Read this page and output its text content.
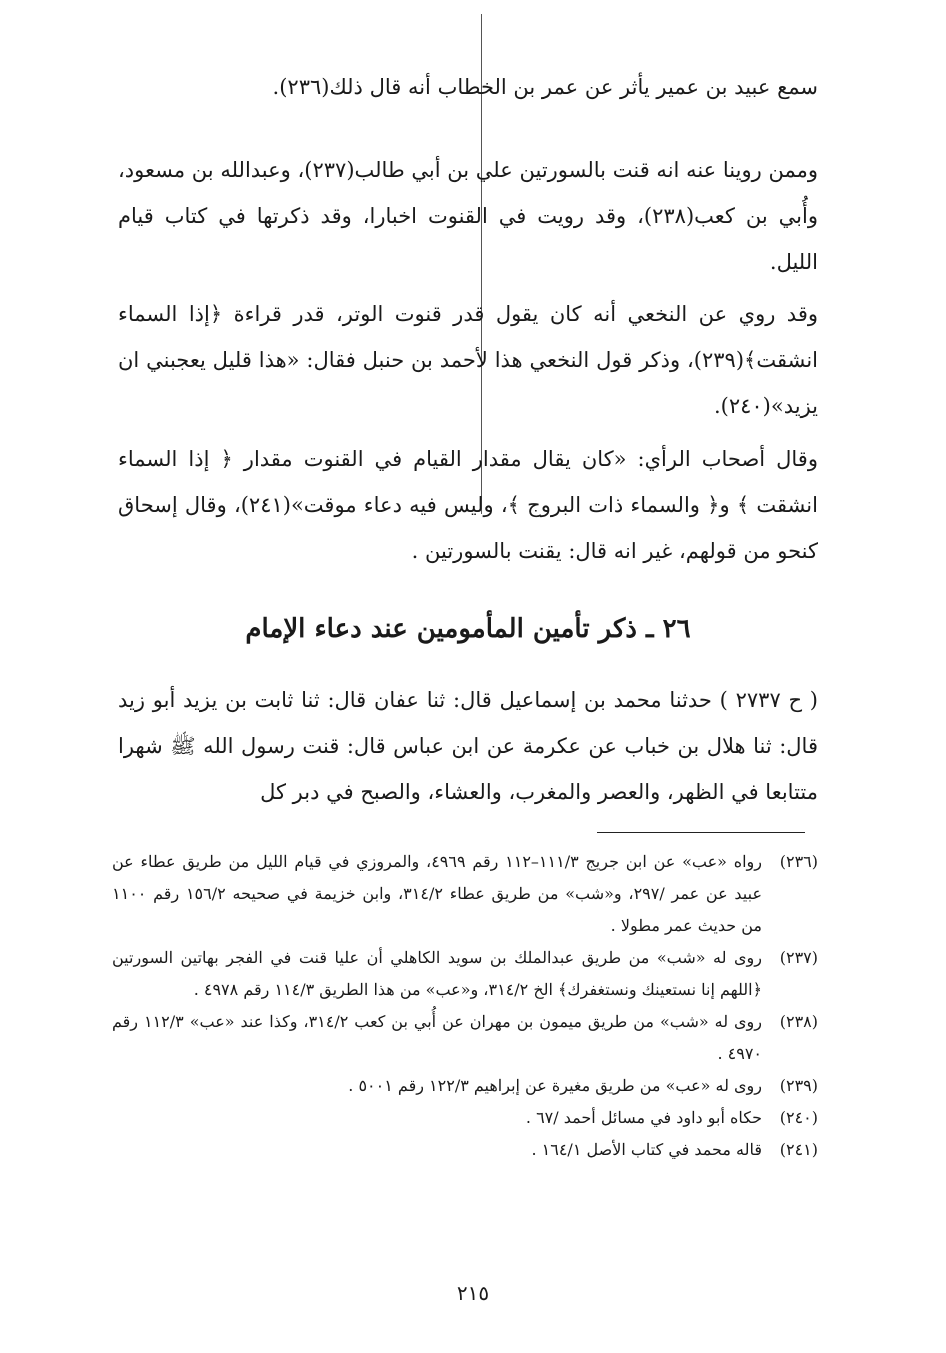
سمع عبيد بن عمير يأثر عن عمر بن الخطاب أنه قال ذلك(٢٣٦).

وممن روينا عنه انه قنت بالسورتين علي بن أبي طالب(٢٣٧)، وعبدالله بن مسعود، وأُبي بن كعب(٢٣٨)، وقد رويت في القنوت اخبارا، وقد ذكرتها في كتاب قيام الليل.

وقد روي عن النخعي أنه كان يقول قدر قنوت الوتر، قدر قراءة ﴿إذا السماء انشقت﴾(٢٣٩)، وذكر قول النخعي هذا لأحمد بن حنبل فقال: «هذا قليل يعجبني ان يزيد»(٢٤٠).

وقال أصحاب الرأي: «كان يقال مقدار القيام في القنوت مقدار ﴿ إذا السماء انشقت ﴾ و﴿ والسماء ذات البروج ﴾، وليس فيه دعاء موقت»(٢٤١)، وقال إسحاق كنحو من قولهم، غير انه قال: يقنت بالسورتين .

٢٦ ـ ذكر تأمين المأمومين عند دعاء الإمام

( ح ٢٧٣٧ ) حدثنا محمد بن إسماعيل قال: ثنا عفان قال: ثنا ثابت بن يزيد أبو زيد قال: ثنا هلال بن خباب عن عكرمة عن ابن عباس قال: قنت رسول الله ﷺ شهرا متتابعا في الظهر، والعصر والمغرب، والعشاء، والصبح في دبر كل

(٢٣٦)
رواه «عب» عن ابن جريج ١١١/٣–١١٢ رقم ٤٩٦٩، والمروزي في قيام الليل من طريق عطاء عن عبيد عن عمر /٢٩٧، و«شب» من طريق عطاء ٣١٤/٢، وابن خزيمة في صحيحه ١٥٦/٢ رقم ١١٠٠ من حديث عمر مطولا .
(٢٣٧)
روى له «شب» من طريق عبدالملك بن سويد الكاهلي أن عليا قنت في الفجر بهاتين السورتين ﴿اللهم إنا نستعينك ونستغفرك﴾ الخ ٣١٤/٢، و«عب» من هذا الطريق ١١٤/٣ رقم ٤٩٧٨ .
(٢٣٨)
روى له «شب» من طريق ميمون بن مهران عن أُبي بن كعب ٣١٤/٢، وكذا عند «عب» ١١٢/٣ رقم ٤٩٧٠ .
(٢٣٩)
روى له «عب» من طريق مغيرة عن إبراهيم ١٢٢/٣ رقم ٥٠٠١ .
(٢٤٠)
حكاه أبو داود في مسائل أحمد /٦٧ .
(٢٤١)
قاله محمد في كتاب الأصل ١٦٤/١ .
٢١٥
